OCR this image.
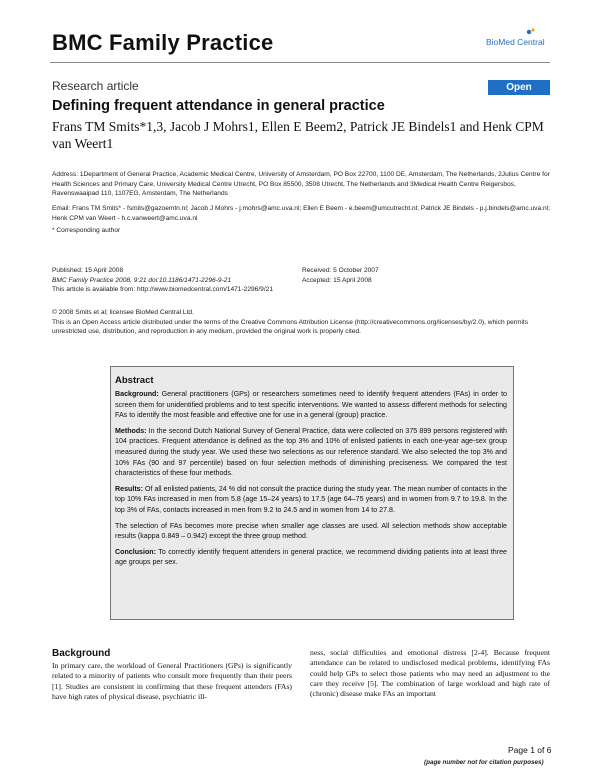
BMC Family Practice	BioMed Central
Research article	Open Access
Defining frequent attendance in general practice
Frans TM Smits*1,3, Jacob J Mohrs1, Ellen E Beem2, Patrick JE Bindels1 and Henk CPM van Weert1
Address: 1Department of General Practice, Academic Medical Centre, University of Amsterdam, PO Box 22700, 1100 DE, Amsterdam, The Netherlands, 2Julius Centre for Health Sciences and Primary Care, University Medical Centre Utrecht, PO Box 85500, 3508 Utrecht, The Netherlands and 3Medical Health Centre Reigersbos, Ravenswaaipad 110, 1107EG, Amsterdam, The Netherlands
Email: Frans TM Smits* - fsmits@gazoemtn.nl; Jacob J Mohrs - j.mohrs@amc.uva.nl; Ellen E Beem - e.beem@umcutrecht.nl; Patrick JE Bindels - p.j.bindels@amc.uva.nl; Henk CPM van Weert - h.c.vanweert@amc.uva.nl
* Corresponding author
Published: 15 April 2008
BMC Family Practice 2008, 9:21 doi:10.1186/1471-2296-9-21
This article is available from: http://www.biomedcentral.com/1471-2296/9/21
Received: 5 October 2007
Accepted: 15 April 2008
© 2008 Smits et al; licensee BioMed Central Ltd.
This is an Open Access article distributed under the terms of the Creative Commons Attribution License (http://creativecommons.org/licenses/by/2.0), which permits unrestricted use, distribution, and reproduction in any medium, provided the original work is properly cited.
Abstract

Background: General practitioners (GPs) or researchers sometimes need to identify frequent attenders (FAs) in order to screen them for unidentified problems and to test specific interventions. We wanted to assess different methods for selecting FAs to identify the most feasible and effective one for use in a general (group) practice.

Methods: In the second Dutch National Survey of General Practice, data were collected on 375 899 persons registered with 104 practices. Frequent attendance is defined as the top 3% and 10% of enlisted patients in each one-year age-sex group measured during the study year. We used these two selections as our reference standard. We also selected the top 3% and 10% FAs (90 and 97 percentile) based on four selection methods of diminishing preciseness. We compared the test characteristics of these four methods.

Results: Of all enlisted patients, 24 % did not consult the practice during the study year. The mean number of contacts in the top 10% FAs increased in men from 5.8 (age 15–24 years) to 17.5 (age 64–75 years) and in women from 9.7 to 19.8. In the top 3% of FAs, contacts increased in men from 9.2 to 24.5 and in women from 14 to 27.8.

The selection of FAs becomes more precise when smaller age classes are used. All selection methods show acceptable results (kappa 0.849 – 0.942) except the three group method.

Conclusion: To correctly identify frequent attenders in general practice, we recommend dividing patients into at least three age groups per sex.

Background
In primary care, the workload of General Practitioners (GPs) is significantly related to a minority of patients who consult more frequently than their peers [1]. Studies are consistent in confirming that these frequent attenders (FAs) have high rates of physical disease, psychiatric ill-
ness, social difficulties and emotional distress [2-4]. Because frequent attendance can be related to undisclosed medical problems, identifying FAs could help GPs to select those patients who may need an adjustment to the care they receive [5]. The combination of large workload and high rate of (chronic) disease make FAs an important
Page 1 of 6
(page number not for citation purposes)
